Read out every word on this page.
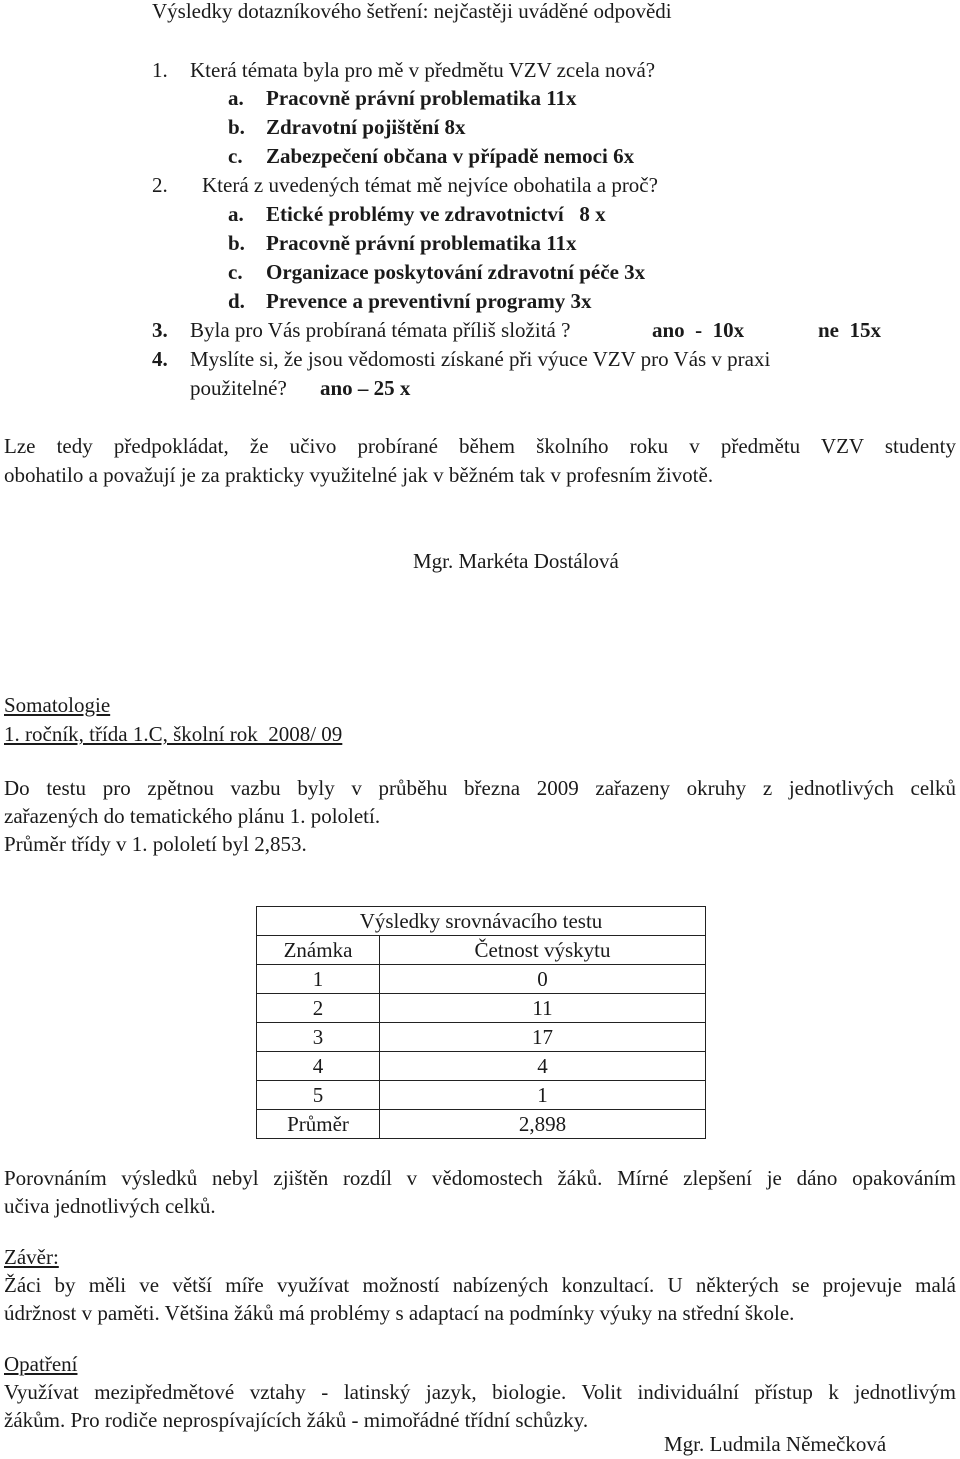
Výsledky dotazníkového šetření: nejčastěji uváděné odpovědi
1. Která témata byla pro mě v předmětu VZV zcela nová?
a. Pracovně právní problematika 11x
b. Zdravotní pojištění 8x
c. Zabezpečení občana v případě nemoci 6x
2. Která z uvedených témat mě nejvíce obohatila a proč?
a. Etické problémy ve zdravotnictví   8 x
b. Pracovně právní problematika 11x
c. Organizace poskytování zdravotní péče 3x
d. Prevence a preventivní programy 3x
3. Byla pro Vás probíraná témata příliš složitá ?	ano  -  10x	ne  15x
4. Myslíte si, že jsou vědomosti získané při výuce VZV pro Vás v praxi
použitelné? ano – 25 x
Lze tedy předpokládat, že učivo probírané během školního roku v předmětu VZV studenty
obohatilo a považují je za prakticky využitelné jak v běžném tak v profesním životě.
Mgr. Markéta Dostálová
Somatologie
1. ročník, třída 1.C, školní rok  2008/ 09
Do testu pro zpětnou vazbu byly v průběhu března 2009 zařazeny okruhy z jednotlivých celků
zařazených do tematického plánu 1. pololetí.
Průměr třídy v 1. pololetí byl 2,853.
Výsledky srovnávacího testu	
Známka	Četnost výskytu
1	0
2	11
3	17
4	4
5	1
Průměr	2,898
Porovnáním výsledků nebyl zjištěn rozdíl v vědomostech žáků. Mírné zlepšení je dáno opakováním
učiva jednotlivých celků.
Závěr:
Žáci by měli ve větší míře využívat možností nabízených konzultací. U některých se projevuje malá
údržnost v paměti. Většina žáků má problémy s adaptací na podmínky výuky na střední škole.
Opatření
Využívat mezipředmětové vztahy - latinský jazyk, biologie. Volit individuální přístup k jednotlivým
žákům. Pro rodiče neprospívajících žáků - mimořádné třídní schůzky.
Mgr. Ludmila Němečková
